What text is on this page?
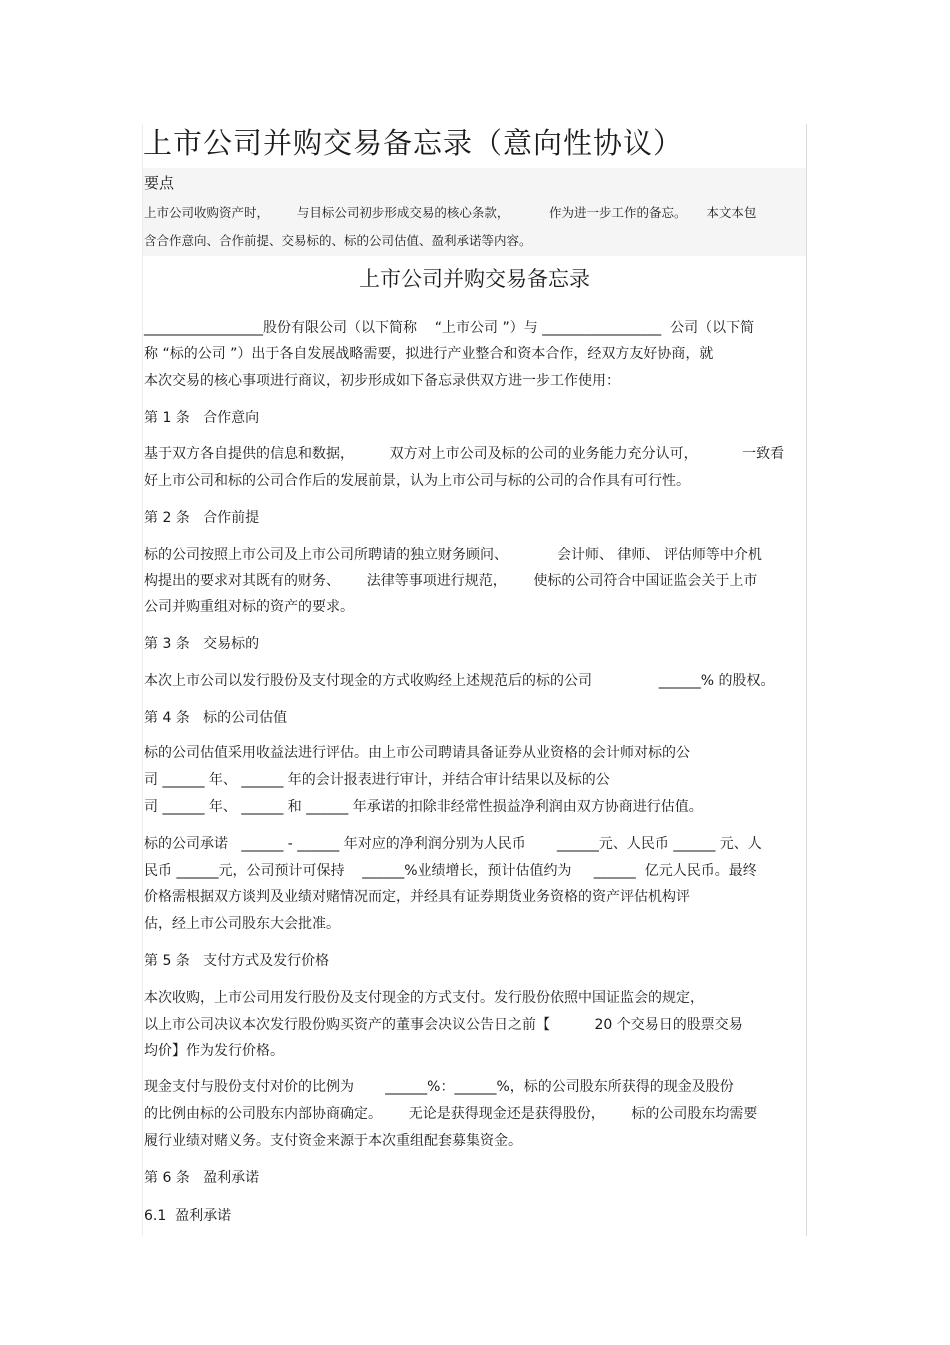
上市公司并购交易备忘录（意向性协议）
要点
上市公司收购资产时，       与目标公司初步形成交易的核心条款，          作为进一步工作的备忘。     本文本包
含合作意向、合作前提、交易标的、标的公司估值、盈利承诺等内容。
上市公司并购交易备忘录
_________________股份有限公司（以下简称    “上市公司 ”）与 _________________  公司（以下简
称 “标的公司 ”）出于各自发展战略需要，拟进行产业整合和资本合作，经双方友好协商，就
本次交易的核心事项进行商议，初步形成如下备忘录供双方进一步工作使用：
第 1 条   合作意向
基于双方各自提供的信息和数据，        双方对上市公司及标的公司的业务能力充分认可，          一致看
好上市公司和标的公司合作后的发展前景，认为上市公司与标的公司的合作具有可行性。
第 2 条   合作前提
标的公司按照上市公司及上市公司所聘请的独立财务顾问、           会计师、 律师、 评估师等中介机
构提出的要求对其既有的财务、      法律等事项进行规范，      使标的公司符合中国证监会关于上市
公司并购重组对标的资产的要求。
第 3 条   交易标的
本次上市公司以发行股份及支付现金的方式收购经上述规范后的标的公司               ______% 的股权。
第 4 条   标的公司估值
标的公司估值采用收益法进行评估。由上市公司聘请具备证券从业资格的会计师对标的公
司 ______ 年、 ______ 年的会计报表进行审计，并结合审计结果以及标的公
司 ______ 年、 ______ 和 ______ 年承诺的扣除非经常性损益净利润由双方协商进行估值。
标的公司承诺   ______ - ______ 年对应的净利润分别为人民币       ______元、人民币 ______ 元、人
民币 ______元，公司预计可保持    ______%业绩增长，预计估值约为     ______  亿元人民币。最终
价格需根据双方谈判及业绩对赌情况而定，并经具有证券期货业务资格的资产评估机构评
估，经上市公司股东大会批准。
第 5 条   支付方式及发行价格
本次收购，上市公司用发行股份及支付现金的方式支付。发行股份依照中国证监会的规定，
以上市公司决议本次发行股份购买资产的董事会决议公告日之前【          20 个交易日的股票交易
均价】作为发行价格。
现金支付与股份支付对价的比例为       ______%：______%，标的公司股东所获得的现金及股份
的比例由标的公司股东内部协商确定。      无论是获得现金还是获得股份，      标的公司股东均需要
履行业绩对赌义务。支付资金来源于本次重组配套募集资金。
第 6 条   盈利承诺
6.1  盈利承诺
